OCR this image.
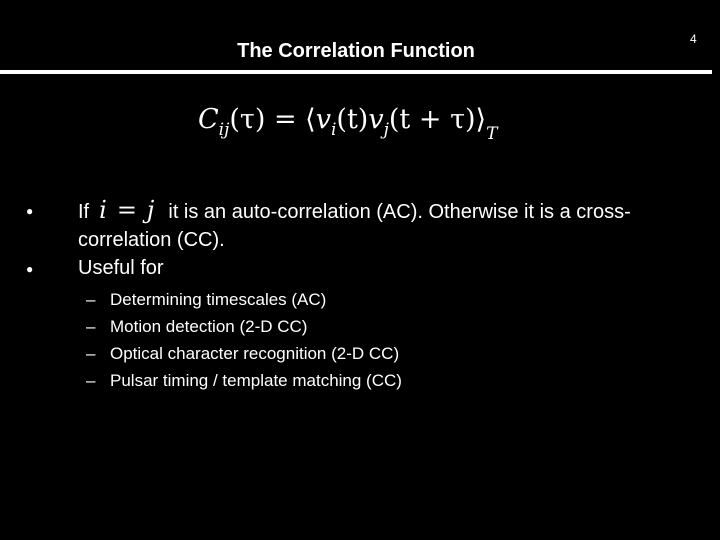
4
The Correlation Function
$C_{ij}(\tau)$ = $⟨v_i(t)v_j(t$ + $\tau)⟩_T$
● If i = j it is an auto-correlation (AC). Otherwise it is a cross-correlation (CC).
● Useful for
– Determining timescales (AC)
– Motion detection (2-D CC)
– Optical character recognition (2-D CC)
– Pulsar timing / template matching (CC)
